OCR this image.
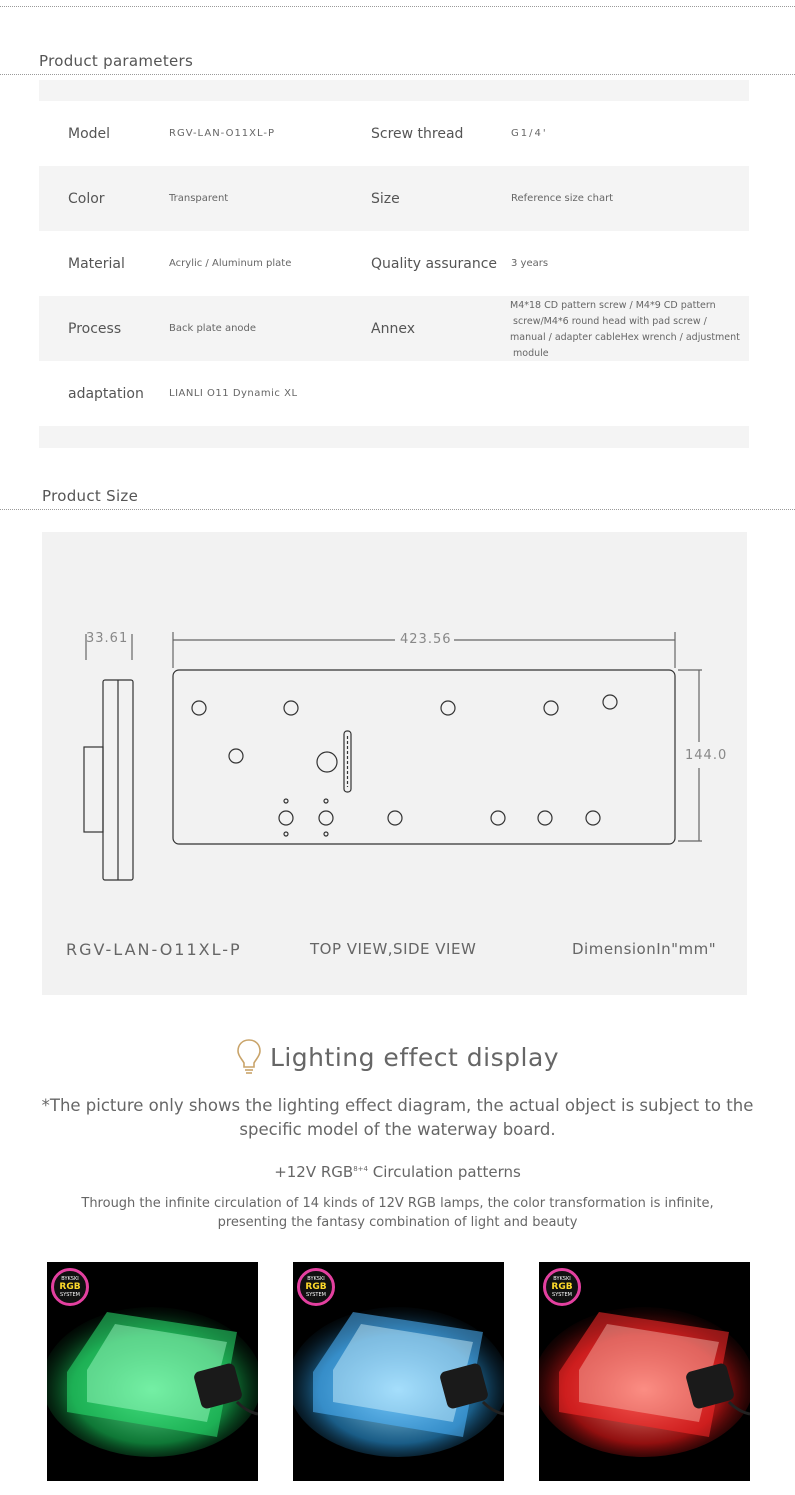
Product parameters
Model	RGV-LAN-O11XL-P	Screw thread	G1/4'
Color	Transparent	Size	Reference size chart
Material	Acrylic / Aluminum plate	Quality assurance 3 years
Process	Back plate anode	Annex
M4*18 CD pattern screw / M4*9 CD pattern
screw/M4*6 round head with pad screw /
manual / adapter cableHex wrench / adjustment
module
adaptation	LIANLI O11 Dynamic XL
Product Size
33.61	423.56
144.0
RGV-LAN-O11XL-P	TOP VIEW,SIDE VIEW	DimensionIn"mm"
Lighting effect display
*The picture only shows the lighting effect diagram, the actual object is subject to the specific model of the waterway board.
+12V $RGB^{8+4}$ Circulation patterns
Through the infinite circulation of 14 kinds of 12V RGB lamps, the color transformation is infinite, presenting the fantasy combination of light and beauty
BYKSKI
RGB
SYSTEM
BYKSKI
RGB
SYSTEM
BYKSKI
RGB
SYSTEM
